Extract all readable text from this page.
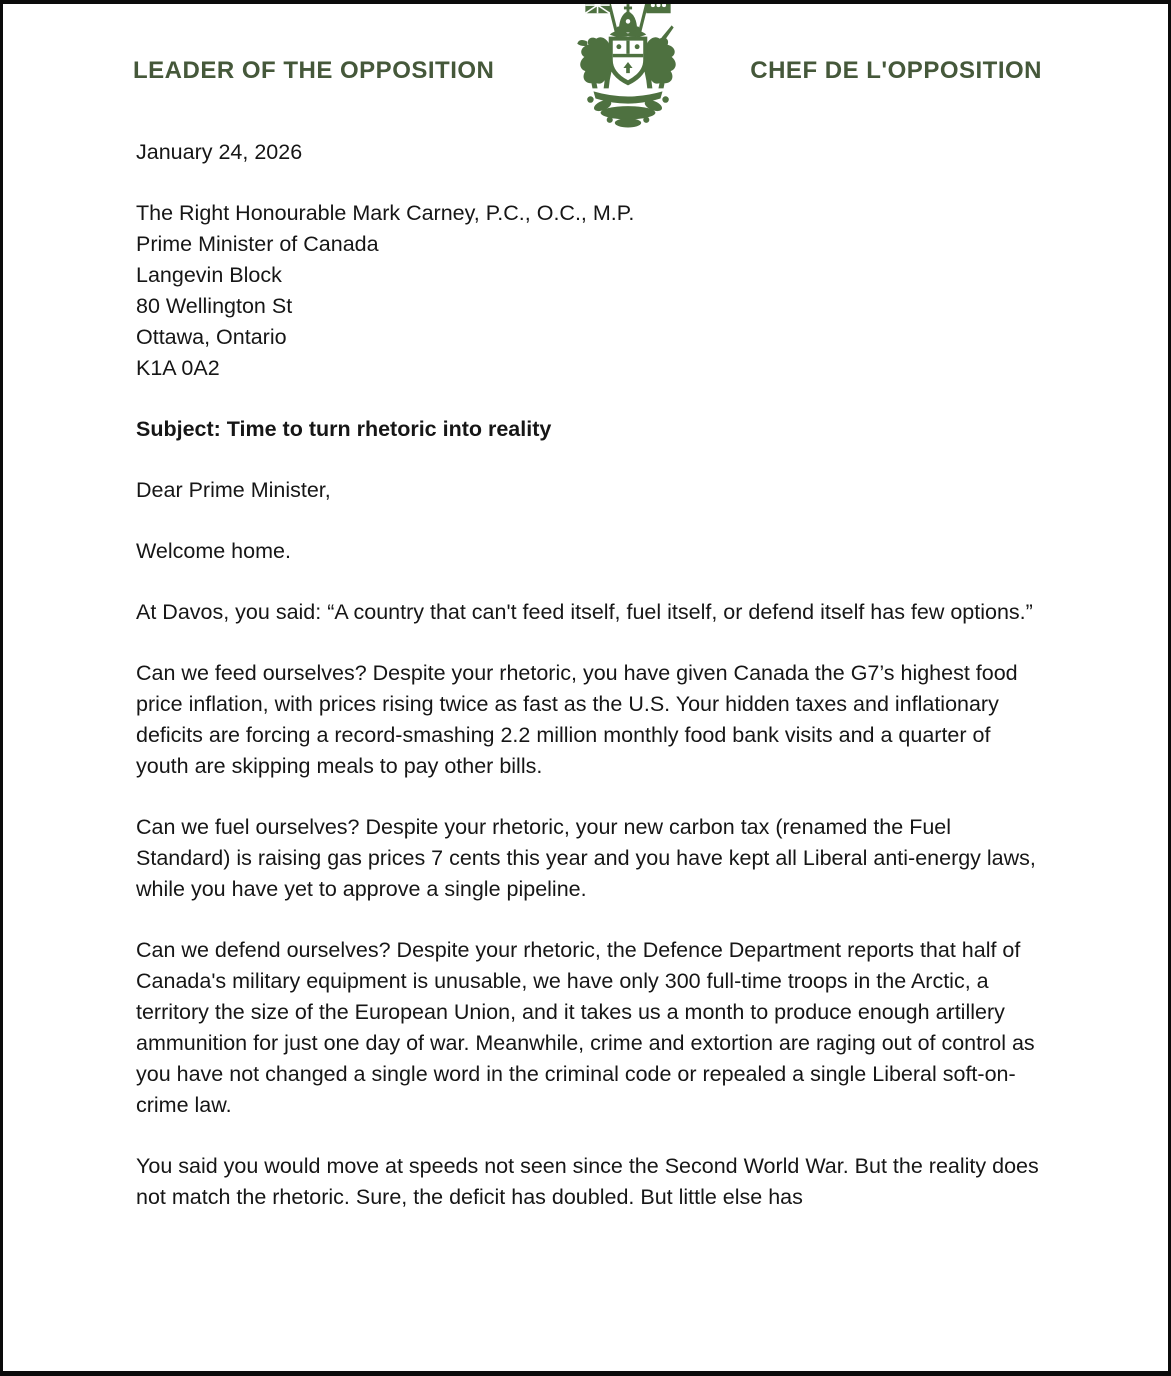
LEADER OF THE OPPOSITION	CHEF DE L'OPPOSITION

January 24, 2026

The Right Honourable Mark Carney, P.C., O.C., M.P.
Prime Minister of Canada
Langevin Block
80 Wellington St
Ottawa, Ontario
K1A 0A2

Subject: Time to turn rhetoric into reality

Dear Prime Minister,

Welcome home.

At Davos, you said: “A country that can't feed itself, fuel itself, or defend itself has few options.”

Can we feed ourselves? Despite your rhetoric, you have given Canada the G7’s highest food price inflation, with prices rising twice as fast as the U.S. Your hidden taxes and inflationary deficits are forcing a record-smashing 2.2 million monthly food bank visits and a quarter of youth are skipping meals to pay other bills.

Can we fuel ourselves? Despite your rhetoric, your new carbon tax (renamed the Fuel Standard) is raising gas prices 7 cents this year and you have kept all Liberal anti-energy laws, while you have yet to approve a single pipeline.

Can we defend ourselves? Despite your rhetoric, the Defence Department reports that half of Canada's military equipment is unusable, we have only 300 full-time troops in the Arctic, a territory the size of the European Union, and it takes us a month to produce enough artillery ammunition for just one day of war. Meanwhile, crime and extortion are raging out of control as you have not changed a single word in the criminal code or repealed a single Liberal soft-on-crime law.

You said you would move at speeds not seen since the Second World War. But the reality does not match the rhetoric. Sure, the deficit has doubled. But little else has
